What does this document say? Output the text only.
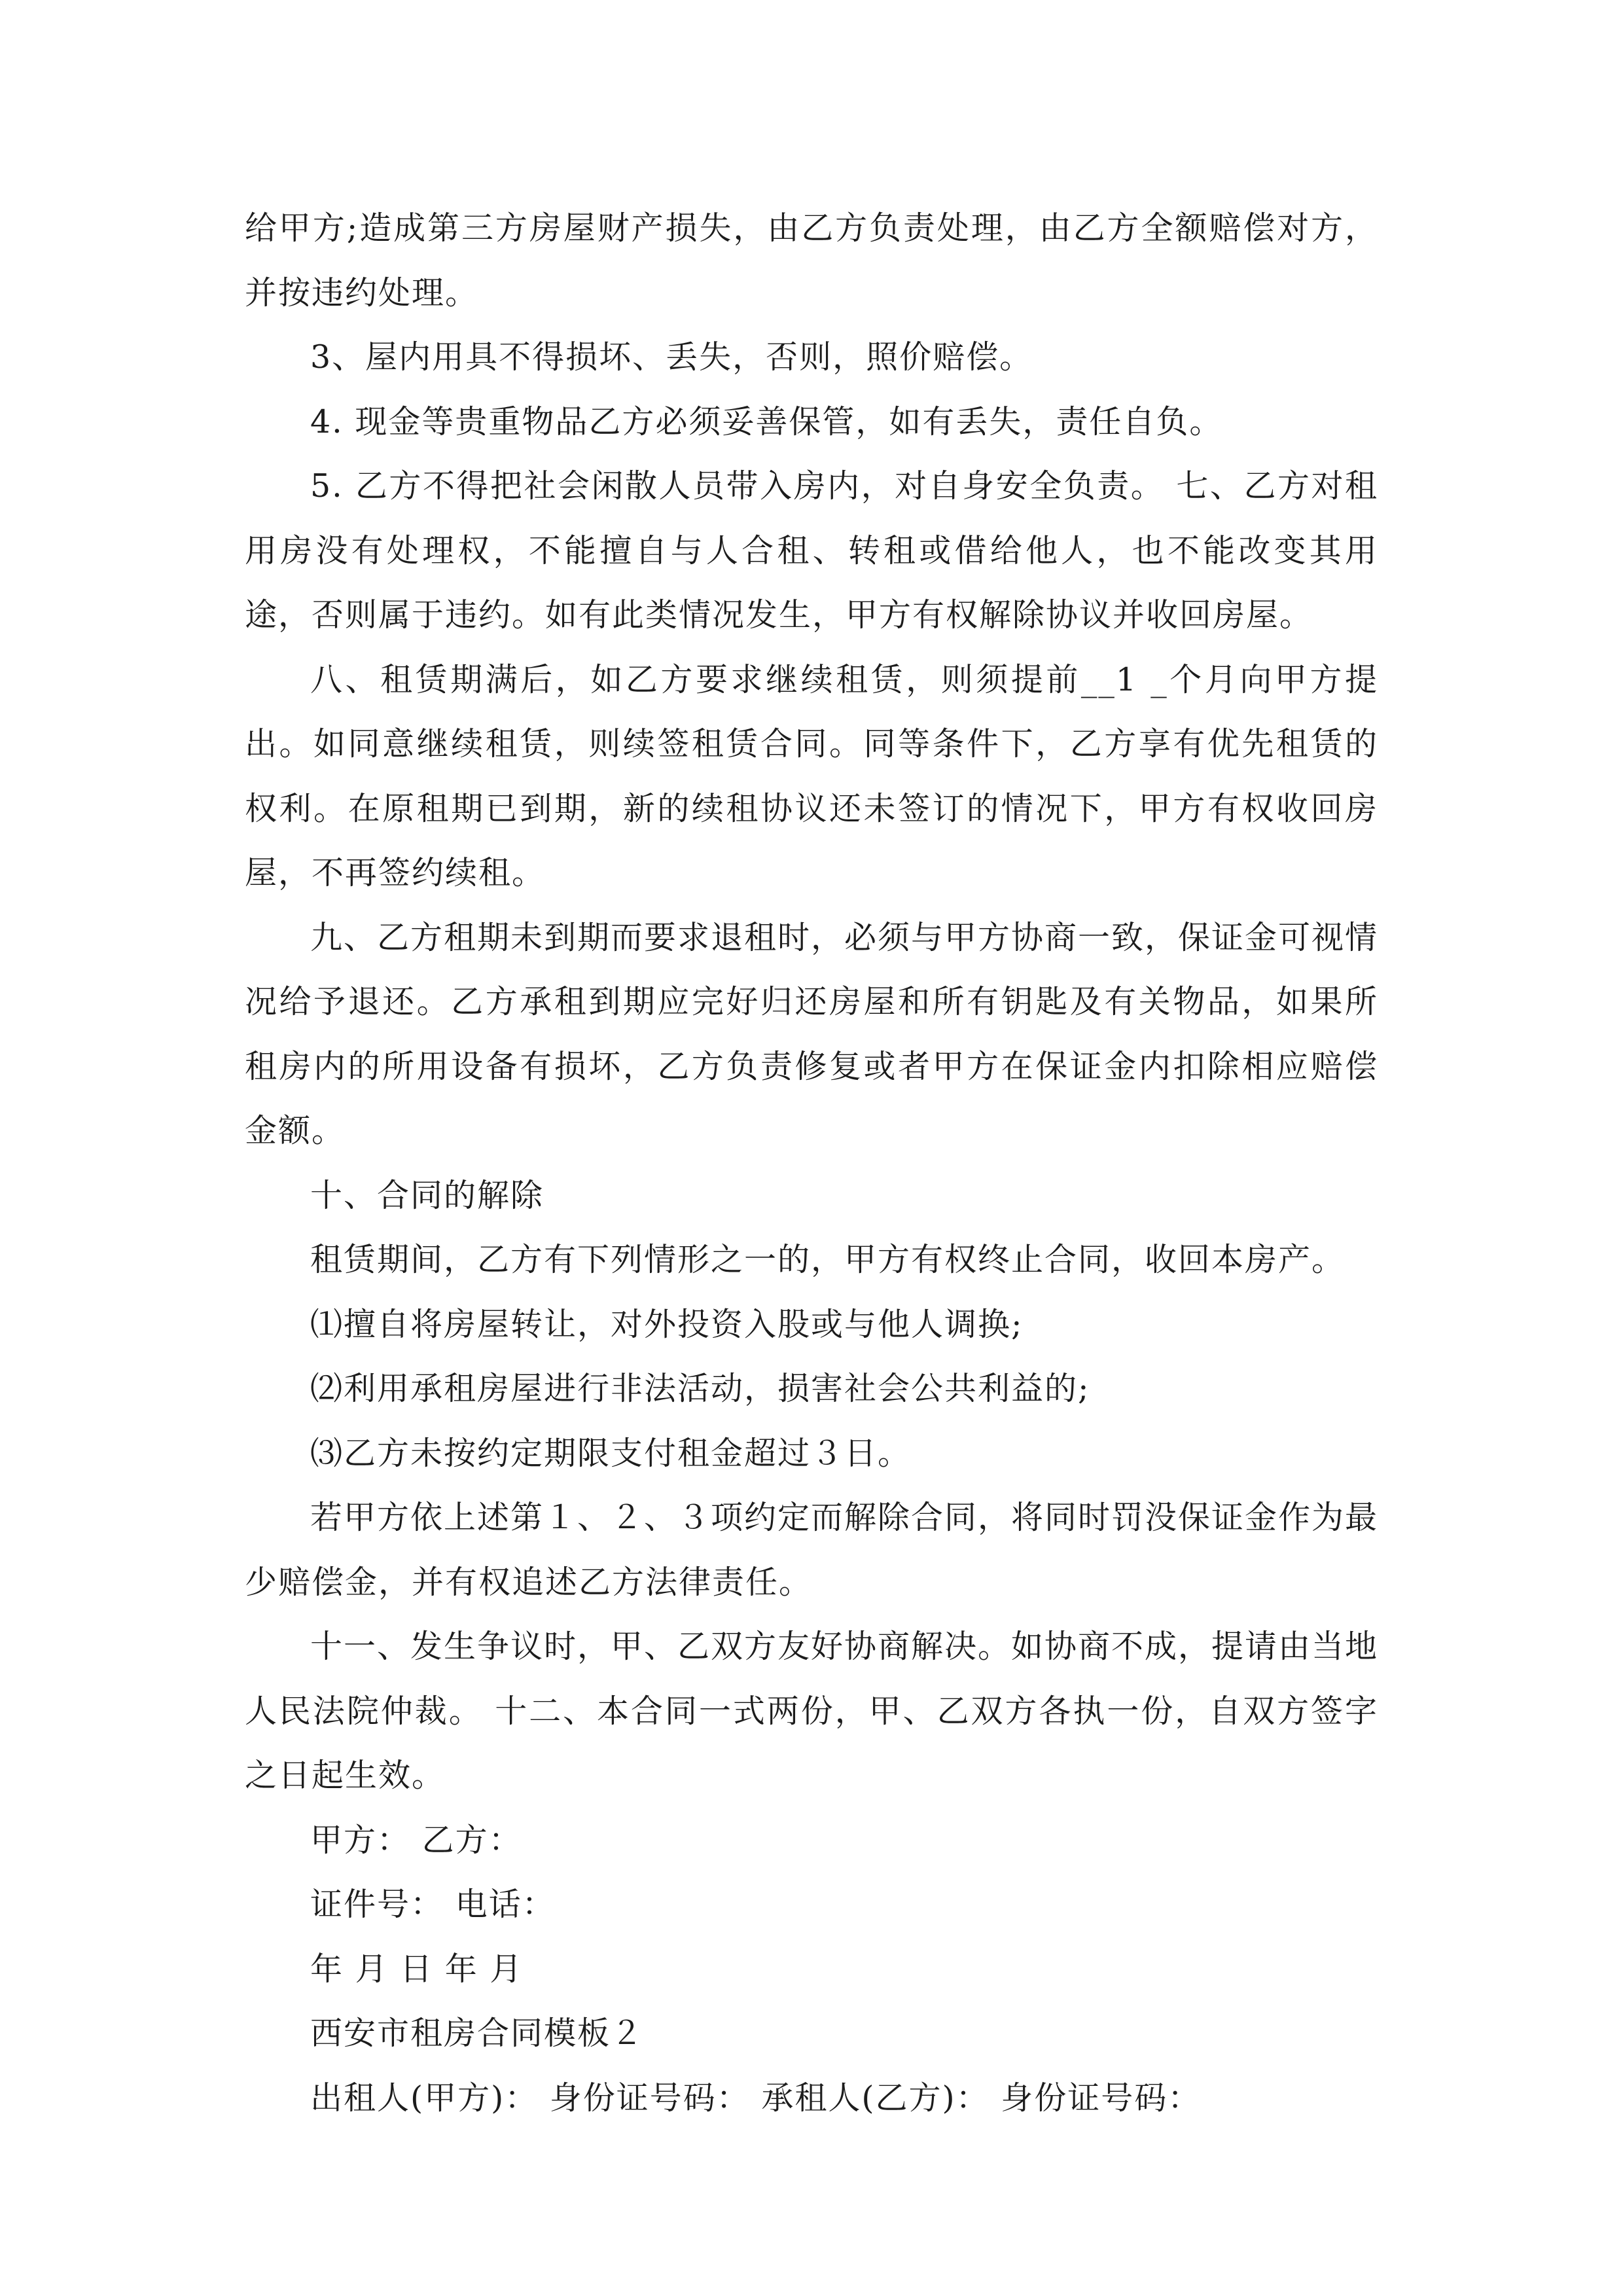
给甲方;造成第三方房屋财产损失，由乙方负责处理，由乙方全额赔偿对方，并按违约处理。

3、屋内用具不得损坏、丢失，否则，照价赔偿。

4. 现金等贵重物品乙方必须妥善保管，如有丢失，责任自负。

5. 乙方不得把社会闲散人员带入房内，对自身安全负责。 七、乙方对租用房没有处理权，不能擅自与人合租、转租或借给他人，也不能改变其用途，否则属于违约。如有此类情况发生，甲方有权解除协议并收回房屋。

八、租赁期满后，如乙方要求继续租赁，则须提前__1 _个月向甲方提出。如同意继续租赁，则续签租赁合同。同等条件下，乙方享有优先租赁的权利。在原租期已到期，新的续租协议还未签订的情况下，甲方有权收回房屋，不再签约续租。

九、乙方租期未到期而要求退租时，必须与甲方协商一致，保证金可视情况给予退还。乙方承租到期应完好归还房屋和所有钥匙及有关物品，如果所租房内的所用设备有损坏，乙方负责修复或者甲方在保证金内扣除相应赔偿金额。

十、合同的解除

租赁期间，乙方有下列情形之一的，甲方有权终止合同，收回本房产。

⑴擅自将房屋转让，对外投资入股或与他人调换;

⑵利用承租房屋进行非法活动，损害社会公共利益的;

⑶乙方未按约定期限支付租金超过３日。

若甲方依上述第１、２、３项约定而解除合同，将同时罚没保证金作为最少赔偿金，并有权追述乙方法律责任。

十一、发生争议时，甲、乙双方友好协商解决。如协商不成，提请由当地人民法院仲裁。 十二、本合同一式两份，甲、乙双方各执一份，自双方签字之日起生效。

甲方： 乙方：

证件号： 电话：

年 月 日 年 月

西安市租房合同模板２

出租人(甲方)： 身份证号码： 承租人(乙方)： 身份证号码：
